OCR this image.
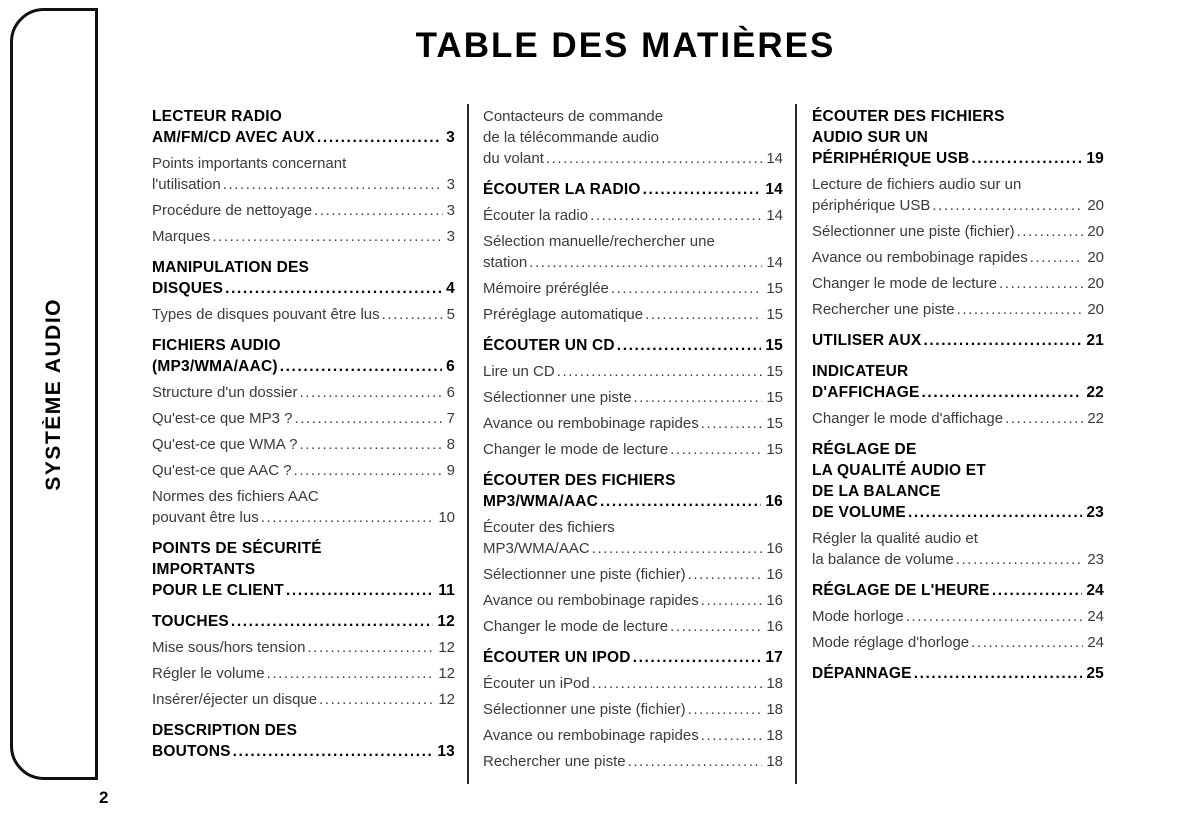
SYSTÈME AUDIO
2
TABLE DES MATIÈRES
LECTEUR RADIO
AM/FM/CD AVEC AUX .....	3
Points importants concernant
l'utilisation .....	3
Procédure de nettoyage .....	3
Marques .....	3
MANIPULATION DES
DISQUES .....	4
Types de disques pouvant être lus .....	5
FICHIERS AUDIO
(MP3/WMA/AAC) .....	6
Structure d'un dossier .....	6
Qu'est-ce que MP3 ? .....	7
Qu'est-ce que WMA ? .....	8
Qu'est-ce que AAC ? .....	9
Normes des fichiers AAC
pouvant être lus .....	10
POINTS DE SÉCURITÉ
IMPORTANTS
POUR LE CLIENT .....	11
TOUCHES .....	12
Mise sous/hors tension .....	12
Régler le volume .....	12
Insérer/éjecter un disque .....	12
DESCRIPTION DES
BOUTONS .....	13
Contacteurs de commande
de la télécommande audio
du volant .....	14
ÉCOUTER LA RADIO .....	14
Écouter la radio .....	14
Sélection manuelle/rechercher une
station .....	14
Mémoire préréglée .....	15
Préréglage automatique .....	15
ÉCOUTER UN CD .....	15
Lire un CD .....	15
Sélectionner une piste .....	15
Avance ou rembobinage rapides .....	15
Changer le mode de lecture .....	15
ÉCOUTER DES FICHIERS
MP3/WMA/AAC .....	16
Écouter des fichiers
MP3/WMA/AAC .....	16
Sélectionner une piste (fichier) .....	16
Avance ou rembobinage rapides .....	16
Changer le mode de lecture .....	16
ÉCOUTER UN IPOD .....	17
Écouter un iPod .....	18
Sélectionner une piste (fichier) .....	18
Avance ou rembobinage rapides .....	18
Rechercher une piste .....	18
ÉCOUTER DES FICHIERS
AUDIO SUR UN
PÉRIPHÉRIQUE USB .....	19
Lecture de fichiers audio sur un
périphérique USB .....	20
Sélectionner une piste (fichier) .....	20
Avance ou rembobinage rapides .....	20
Changer le mode de lecture .....	20
Rechercher une piste .....	20
UTILISER AUX .....	21
INDICATEUR
D'AFFICHAGE .....	22
Changer le mode d'affichage .....	22
RÉGLAGE DE
LA QUALITÉ AUDIO ET
DE LA BALANCE
DE VOLUME .....	23
Régler la qualité audio et
la balance de volume .....	23
RÉGLAGE DE L'HEURE .....	24
Mode horloge .....	24
Mode réglage d'horloge .....	24
DÉPANNAGE .....	25
